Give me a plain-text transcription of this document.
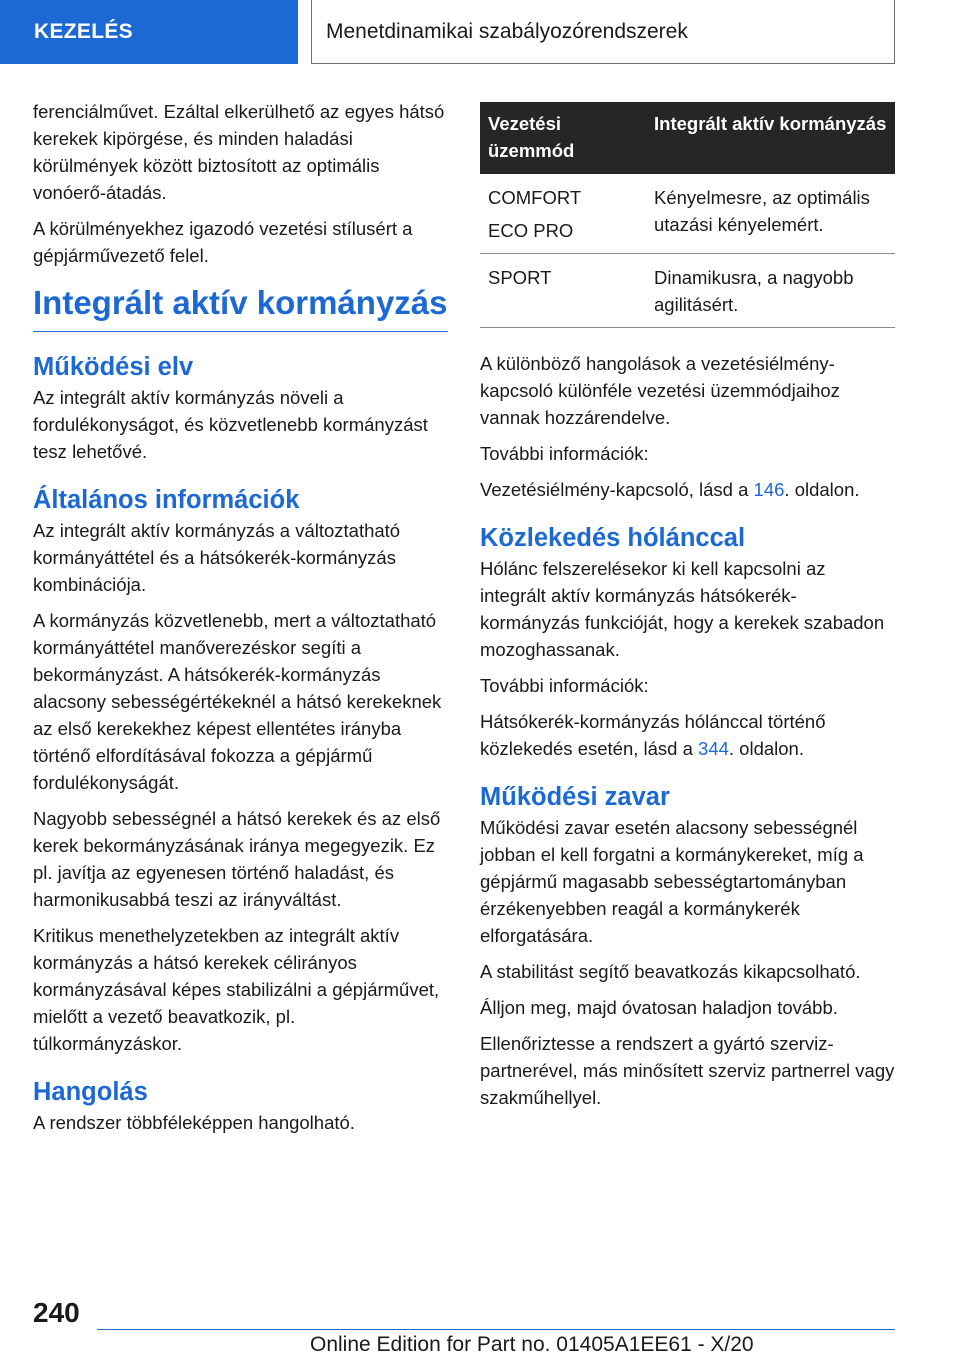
KEZELÉS	Menetdinamikai szabályozórendszerek

ferenciálművet. Ezáltal elkerülhető az egyes hátsó kerekek kipörgése, és minden haladási körülmények között biztosított az optimális vonóerő-átadás.

A körülményekhez igazodó vezetési stílusért a gépjárművezető felel.

Integrált aktív kormányzás
Működési elv

Az integrált aktív kormányzás növeli a fordulékonyságot, és közvetlenebb kormányzást tesz lehetővé.

Általános információk

Az integrált aktív kormányzás a változtatható kormányáttétel és a hátsókerék-kormányzás kombinációja.

A kormányzás közvetlenebb, mert a változtatható kormányáttétel manőverezéskor segíti a bekormányzást. A hátsókerék-kormányzás alacsony sebességértékeknél a hátsó kerekeknek az első kerekekhez képest ellentétes irányba történő elfordításával fokozza a gépjármű fordulékonyságát.

Nagyobb sebességnél a hátsó kerekek és az első kerek bekormányzásának iránya megegyezik. Ez pl. javítja az egyenesen történő haladást, és harmonikusabbá teszi az irányváltást.

Kritikus menethelyzetekben az integrált aktív kormányzás a hátsó kerekek célirányos kormányzásával képes stabilizálni a gépjárművet, mielőtt a vezető beavatkozik, pl. túlkormányzáskor.

Hangolás

A rendszer többféleképpen hangolható.

Vezetési üzemmód	Integrált aktív kormányzás

COMFORT
ECO PRO	Kényelmesre, az optimális utazási kényelemért.
SPORT	Dinamikusra, a nagyobb agilitásért.

A különböző hangolások a vezetésiélmény-kapcsoló különféle vezetési üzemmódjaihoz vannak hozzárendelve.

További információk:

Vezetésiélmény-kapcsoló, lásd a 146. oldalon.

Közlekedés hólánccal

Hólánc felszerelésekor ki kell kapcsolni az integrált aktív kormányzás hátsókerék-kormányzás funkcióját, hogy a kerekek szabadon mozoghassanak.

További információk:

Hátsókerék-kormányzás hólánccal történő közlekedés esetén, lásd a 344. oldalon.

Működési zavar

Működési zavar esetén alacsony sebességnél jobban el kell forgatni a kormánykereket, míg a gépjármű magasabb sebességtartományban érzékenyebben reagál a kormánykerék elforgatására.

A stabilitást segítő beavatkozás kikapcsolható.

Álljon meg, majd óvatosan haladjon tovább.

Ellenőriztesse a rendszert a gyártó szerviz-partnerével, más minősített szerviz partnerrel vagy szakműhellyel.

240
Online Edition for Part no. 01405A1EE61 - X/20
